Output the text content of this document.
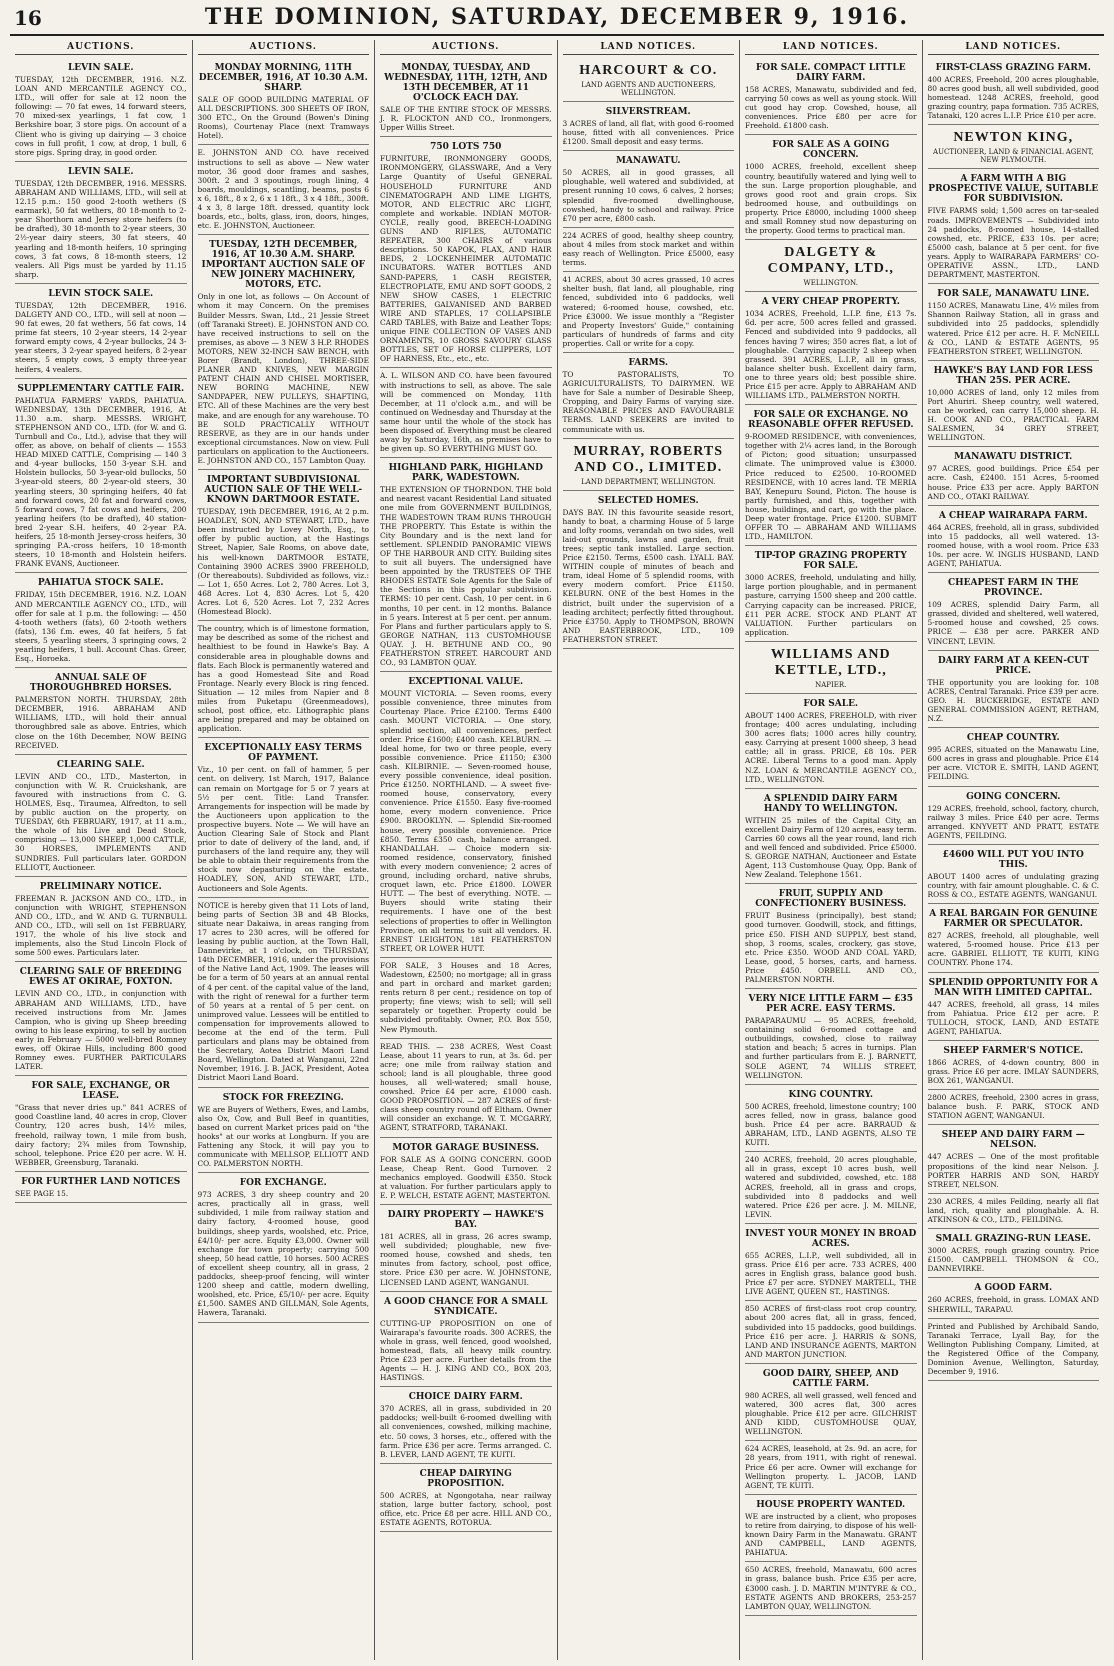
16	THE DOMINION, SATURDAY, DECEMBER 9, 1916.
AUCTIONS.
LEVIN SALE.

TUESDAY, 12th DECEMBER, 1916. N.Z. LOAN AND MERCANTILE AGENCY CO., LTD., will offer for sale at 12 noon the following: — 70 fat ewes, 14 forward steers, 70 mixed-sex yearlings, 1 fat cow, 1 Berkshire boar, 3 store pigs. On account of a Client who is giving up dairying — 3 choice cows in full profit, 1 cow, at drop, 1 bull, 6 store pigs. Spring dray, in good order.

LEVIN SALE.

TUESDAY, 12th DECEMBER, 1916. MESSRS. ABRAHAM AND WILLIAMS, LTD., will sell at 12.15 p.m.: 150 good 2-tooth wethers (S earmark), 50 fat wethers, 80 18-month to 2-year Shorthorn and Jersey store heifers (to be drafted), 30 18-month to 2-year steers, 30 2½-year dairy steers, 30 fat steers, 40 yearling and 18-month heifers, 10 springing cows, 3 fat cows, 8 18-month steers, 12 vealers. All Pigs must be yarded by 11.15 sharp.

LEVIN STOCK SALE.

TUESDAY, 12th DECEMBER, 1916. DALGETY AND CO., LTD., will sell at noon — 90 fat ewes, 20 fat wethers, 56 fat cows, 14 prime fat steers, 10 2-year steers, 14 2-year forward empty cows, 4 2-year bullocks, 24 3-year steers, 3 2-year spayed heifers, 8 2-year steers, 5 empty cows, 3 empty three-year heifers, 4 vealers.

SUPPLEMENTARY CATTLE FAIR.

PAHIATUA FARMERS' YARDS, PAHIATUA. WEDNESDAY, 13th DECEMBER, 1916, At 11.30 a.m. sharp. MESSRS. WRIGHT, STEPHENSON AND CO., LTD. (for W. and G. Turnbull and Co., Ltd.), advise that they will offer, as above, on behalf of clients — 1553 HEAD MIXED CATTLE, Comprising — 140 3 and 4-year bullocks, 150 3-year S.H. and Holstein bullocks, 50 3-year-old bullocks, 50 3-year-old steers, 80 2-year-old steers, 30 yearling steers, 30 springing heifers, 40 fat and forward cows, 20 fat and forward cows, 5 forward cows, 7 fat cows and heifers, 200 yearling heifers (to be drafted), 40 station-bred 2-year S.H. heifers, 40 2-year P.A. heifers, 25 18-month Jersey-cross heifers, 30 springing P.A.-cross heifers, 10 18-month steers, 10 18-month and Holstein heifers. FRANK EVANS, Auctioneer.

PAHIATUA STOCK SALE.

FRIDAY, 15th DECEMBER, 1916. N.Z. LOAN AND MERCANTILE AGENCY CO., LTD., will offer for sale at 1 p.m. the following: — 450 4-tooth wethers (fats), 60 2-tooth wethers (fats), 136 f.m. ewes, 40 fat heifers, 5 fat steers, 5 yearling steers, 3 springing cows, 2 yearling heifers, 1 bull. Account Chas. Greer, Esq., Horoeka.

ANNUAL SALE OF THOROUGHBRED HORSES.

PALMERSTON NORTH. THURSDAY, 28th DECEMBER, 1916. ABRAHAM AND WILLIAMS, LTD., will hold their annual thoroughbred sale as above. Entries, which close on the 16th December, NOW BEING RECEIVED.

CLEARING SALE.

LEVIN AND CO., LTD., Masterton, in conjunction with W. R. Cruickshank, are favoured with instructions from C. G. HOLMES, Esq., Tiraumea, Alfredton, to sell by public auction on the property, on TUESDAY, 6th FEBRUARY, 1917, at 11 a.m., the whole of his Live and Dead Stock, comprising — 13,000 SHEEP, 1,000 CATTLE, 30 HORSES, IMPLEMENTS AND SUNDRIES. Full particulars later. GORDON ELLIOTT, Auctioneer.

PRELIMINARY NOTICE.

FREEMAN R. JACKSON AND CO., LTD., in conjunction with WRIGHT, STEPHENSON AND CO., LTD., and W. AND G. TURNBULL AND CO., LTD., will sell on 1st FEBRUARY, 1917, the whole of his live stock and implements, also the Stud Lincoln Flock of some 500 ewes. Particulars later.

CLEARING SALE OF BREEDING EWES AT OKIRAE, FOXTON.

LEVIN AND CO., LTD., in conjunction with ABRAHAM AND WILLIAMS, LTD., have received instructions from Mr. James Campion, who is giving up Sheep breeding owing to his lease expiring, to sell by auction early in February — 5000 well-bred Romney ewes, off Okirae Hills, including 800 good Romney ewes. FURTHER PARTICULARS LATER.

FOR SALE, EXCHANGE, OR LEASE.

"Grass that never dries up." 841 ACRES of good Coastline land, 40 acres in crop, Clover Country, 120 acres bush, 14½ miles, freehold, railway town, 1 mile from bush, dairy factory; 2¾ miles from Township, school, telephone. Price £20 per acre. W. H. WEBBER, Greensburg, Taranaki.

FOR FURTHER LAND NOTICES

SEE PAGE 15.

AUCTIONS.
MONDAY MORNING, 11TH DECEMBER, 1916, AT 10.30 A.M. SHARP.

SALE OF GOOD BUILDING MATERIAL OF ALL DESCRIPTIONS. 300 SHEETS OF IRON, 300 ETC., On the Ground (Bowen's Dining Rooms), Courtenay Place (next Tramways Hotel).

E. JOHNSTON AND CO. have received instructions to sell as above — New water motor, 36 good door frames and sashes, 300ft. 2 and 3 spoutings, rough lining, 4 boards, mouldings, scantling, beams, posts 6 x 6, 18ft., 8 x 2, 6 x 1 18ft., 3 x 4 18ft., 300ft. 4 x 3, 8 large 18ft. dressed, quantity lock boards, etc., bolts, glass, iron, doors, hinges, etc. E. JOHNSTON, Auctioneer.

TUESDAY, 12TH DECEMBER, 1916, AT 10.30 A.M. SHARP. IMPORTANT AUCTION SALE OF NEW JOINERY MACHINERY, MOTORS, ETC.

Only in one lot, as follows — On Account of whom it may Concern. On the premises Builder Messrs. Swan, Ltd., 21 Jessie Street (off Taranaki Street). E. JOHNSTON AND CO. have received instructions to sell on the premises, as above — 3 NEW 3 H.P. RHODES MOTORS, NEW 32-INCH SAW BENCH, with Borer (Brandt, London), THREE-SIDE PLANER AND KNIVES, NEW MARGIN PATENT CHAIN AND CHISEL MORTISER, NEW BORING MACHINE, NEW SANDPAPER, NEW PULLEYS, SHAFTING, ETC. All of these Machines are the very best make, and are enough for any warehouse. TO BE SOLD PRACTICALLY WITHOUT RESERVE, as they are in our hands under exceptional circumstances. Now on view. Full particulars on application to the Auctioneers. E. JOHNSTON AND CO., 157 Lambton Quay.

IMPORTANT SUBDIVISIONAL AUCTION SALE OF THE WELL-KNOWN DARTMOOR ESTATE.

TUESDAY, 19th DECEMBER, 1916, At 2 p.m. HOADLEY, SON, AND STEWART, LTD., have been instructed by Lovey North, Esq., to offer by public auction, at the Hastings Street, Napier, Sale Rooms, on above date, his well-known DARTMOOR ESTATE, Containing 3900 ACRES 3900 FREEHOLD, (Or thereabouts). Subdivided as follows, viz.: — Lot 1, 650 Acres. Lot 2, 780 Acres. Lot 3, 468 Acres. Lot 4, 830 Acres. Lot 5, 420 Acres. Lot 6, 520 Acres. Lot 7, 232 Acres (Homestead Block).

The country, which is of limestone formation, may be described as some of the richest and healthiest to be found in Hawke's Bay. A considerable area in ploughable downs and flats. Each Block is permanently watered and has a good Homestead Site and Road Frontage. Nearly every Block is ring fenced. Situation — 12 miles from Napier and 8 miles from Puketapu (Greenmeadows), school, post office, etc. Lithographic plans are being prepared and may be obtained on application.

EXCEPTIONALLY EASY TERMS OF PAYMENT.

Viz., 10 per cent. on fall of hammer, 5 per cent. on delivery, 1st March, 1917, Balance can remain on Mortgage for 5 or 7 years at 5½ per cent. Title: Land Transfer. Arrangements for inspection will be made by the Auctioneers upon application to the prospective buyers. Note — We will have an Auction Clearing Sale of Stock and Plant prior to date of delivery of the land, and, if purchasers of the land require any, they will be able to obtain their requirements from the stock now depasturing on the estate. HOADLEY, SON, AND STEWART, LTD., Auctioneers and Sole Agents.

NOTICE is hereby given that 11 Lots of land, being parts of Section 3B and 4B Blocks, situate near Dakaiwa, in areas ranging from 17 acres to 230 acres, will be offered for leasing by public auction, at the Town Hall, Dannevirke, at 1 o'clock, on THURSDAY, 14th DECEMBER, 1916, under the provisions of the Native Land Act, 1909. The leases will be for a term of 50 years at an annual rental of 4 per cent. of the capital value of the land, with the right of renewal for a further term of 50 years at a rental of 5 per cent. on unimproved value. Lessees will be entitled to compensation for improvements allowed to become at the end of the term. Full particulars and plans may be obtained from the Secretary, Aotea District Maori Land Board, Wellington. Dated at Wanganui, 22nd November, 1916. J. B. JACK, President, Aotea District Maori Land Board.

STOCK FOR FREEZING.

WE are Buyers of Wethers, Ewes, and Lambs, also Ox, Cow, and Bull Beef in quantities, based on current Market prices paid on "the hooks" at our works at Longburn. If you are Fattening any Stock, it will pay you to communicate with MELLSOP, ELLIOTT AND CO. PALMERSTON NORTH.

FOR EXCHANGE.

973 ACRES, 3 dry sheep country and 20 acres, practically all in grass, well subdivided, 1 mile from railway station and dairy factory, 4-roomed house, good buildings, sheep yards, woolshed, etc. Price, £4/10/- per acre. Equity £3,000. Owner will exchange for town property; carrying 500 sheep, 50 head cattle, 10 horses. 500 ACRES of excellent sheep country, all in grass, 2 paddocks, sheep-proof fencing, will winter 1200 sheep and cattle, modern dwelling, woolshed, etc. Price, £5/10/- per acre. Equity £1,500. SAMES AND GILLMAN, Sole Agents, Hawera, Taranaki.

AUCTIONS.
MONDAY, TUESDAY, AND WEDNESDAY, 11TH, 12TH, AND 13TH DECEMBER, AT 11 O'CLOCK EACH DAY.

SALE OF THE ENTIRE STOCK OF MESSRS. J. R. FLOCKTON AND CO., Ironmongers, Upper Willis Street.

750 LOTS 750

FURNITURE, IRONMONGERY GOODS, IRONMONGERY, GLASSWARE, And a Very Large Quantity of Useful GENERAL HOUSEHOLD FURNITURE AND CINEMATOGRAPH AND LIME LIGHTS, MOTOR, AND ELECTRIC ARC LIGHT, complete and workable. INDIAN MOTOR-CYCLE, really good, BREECH-LOADING GUNS AND RIFLES, AUTOMATIC REPEATER, 300 CHAIRS of various descriptions. 50 KAPOK, FLAX, AND HAIR BEDS, 2 LOCKENHEIMER AUTOMATIC INCUBATORS. WATER BOTTLES AND SAND-PAPERS, 1 CASH REGISTER, ELECTROPLATE, EMU AND SOFT GOODS, 2 NEW SHOW CASES, 1 ELECTRIC BATTERIES, GALVANISED AND BARBED WIRE AND STAPLES, 17 COLLAPSIBLE CARD TABLES, with Baize and Leather Tops; unique FINE COLLECTION OF VASES AND ORNAMENTS, 10 GROSS SAVOURY GLASS BOTTLES, SET OF HORSE CLIPPERS, LOT OF HARNESS, Etc., etc., etc.

A. L. WILSON AND CO. have been favoured with instructions to sell, as above. The sale will be commenced on Monday, 11th December, at 11 o'clock a.m., and will be continued on Wednesday and Thursday at the same hour until the whole of the stock has been disposed of. Everything must be cleared away by Saturday, 16th, as premises have to be given up. SO EVERYTHING MUST GO.

HIGHLAND PARK, HIGHLAND PARK, WADESTOWN.

THE EXTENSION OF THORNDON. THE bold and nearest vacant Residential Land situated one mile from GOVERNMENT BUILDINGS, THE WADESTOWN TRAM RUNS THROUGH THE PROPERTY. This Estate is within the City Boundary and is the next land for settlement. SPLENDID PANORAMIC VIEWS OF THE HARBOUR AND CITY. Building sites to suit all buyers. The undersigned have been appointed by the TRUSTEES OF THE RHODES ESTATE Sole Agents for the Sale of the Sections in this popular subdivision. TERMS: 10 per cent. Cash, 10 per cent. in 6 months, 10 per cent. in 12 months. Balance in 5 years. Interest at 5 per cent. per annum. For Plans and further particulars apply to S. GEORGE NATHAN, 113 CUSTOMHOUSE QUAY. J. H. BETHUNE AND CO., 90 FEATHERSTON STREET. HARCOURT AND CO., 93 LAMBTON QUAY.

EXCEPTIONAL VALUE.

MOUNT VICTORIA. — Seven rooms, every possible convenience, three minutes from Courtenay Place. Price £2100. Terms £400 cash. MOUNT VICTORIA. — One story, splendid section, all conveniences, perfect order. Price £1600; £400 cash. KELBURN. — Ideal home, for two or three people, every possible convenience. Price £1150; £300 cash. KILBIRNIE. — Seven-roomed house, every possible convenience, ideal position. Price £1250. NORTHLAND. — A sweet five-roomed house, conservatory, every convenience. Price £1550. Easy five-roomed home, every modern convenience. Price £900. BROOKLYN. — Splendid Six-roomed house, every possible convenience. Price £850. Terms £350 cash, balance arranged. KHANDALLAH. — Choice modern six-roomed residence, conservatory, finished with every modern convenience; 2 acres of ground, including orchard, native shrubs, croquet lawn, etc. Price £1800. LOWER HUTT. — The best of everything. NOTE. — Buyers should write stating their requirements. I have one of the best selections of properties to offer in Wellington Province, on all terms to suit all vendors. H. ERNEST LEIGHTON, 181 FEATHERSTON STREET, OR LOWER HUTT.

FOR SALE, 3 Houses and 18 Acres, Wadestown, £2500; no mortgage; all in grass and part in orchard and market garden; rents return 8 per cent.; residence on top of property; fine views; wish to sell; will sell separately or together. Property could be subdivided profitably. Owner, P.O. Box 550, New Plymouth.

READ THIS. — 238 ACRES, West Coast Lease, about 11 years to run, at 3s. 6d. per acre; one mile from railway station and school; land is all ploughable, three good houses, all well-watered; small house, cowshed. Price £4 per acre, £1000 cash. GOOD PROPOSITION. — 287 ACRES of first-class sheep country round off Eltham. Owner will consider an exchange. W. T. MCGARRY, AGENT, STRATFORD, TARANAKI.

MOTOR GARAGE BUSINESS.

FOR SALE AS A GOING CONCERN. GOOD Lease, Cheap Rent. Good Turnover. 2 mechanics employed. Goodwill £350. Stock at valuation. For further particulars apply to E. P. WELCH, ESTATE AGENT, MASTERTON.

DAIRY PROPERTY — HAWKE'S BAY.

181 ACRES, all in grass, 26 acres swamp, well subdivided; ploughable, new five-roomed house, cowshed and sheds, ten minutes from factory, school, post office, store. Price £30 per acre. W. JOHNSTONE, LICENSED LAND AGENT, WANGANUI.

A GOOD CHANCE FOR A SMALL SYNDICATE.

CUTTING-UP PROPOSITION on one of Wairarapa's favourite roads. 300 ACRES, the whole in grass, well fenced, good woolshed, homestead, flats, all heavy milk country. Price £23 per acre. Further details from the Agents — H. J. KING AND CO., BOX 203, HASTINGS.

CHOICE DAIRY FARM.

370 ACRES, all in grass, subdivided in 20 paddocks; well-built 6-roomed dwelling with all conveniences, cowshed, milking machine, etc. 50 cows, 3 horses, etc., offered with the farm. Price £36 per acre. Terms arranged. C. B. LEVER, LAND AGENT, TE KUITI.

CHEAP DAIRYING PROPOSITION.

500 ACRES, at Ngongotaha, near railway station, large butter factory, school, post office, etc. Price £8 per acre. HILL AND CO., ESTATE AGENTS, ROTORUA.

LAND NOTICES.
HARCOURT & CO.
LAND AGENTS AND AUCTIONEERS, WELLINGTON.
SILVERSTREAM.

3 ACRES of land, all flat, with good 6-roomed house, fitted with all conveniences. Price £1200. Small deposit and easy terms.

MANAWATU.

50 ACRES, all in good grasses, all ploughable, well watered and subdivided, at present running 10 cows, 6 calves, 2 horses; splendid five-roomed dwellinghouse, cowshed, handy to school and railway. Price £70 per acre, £800 cash.

224 ACRES of good, healthy sheep country, about 4 miles from stock market and within easy reach of Wellington. Price £5000, easy terms.

41 ACRES, about 30 acres grassed, 10 acres shelter bush, flat land, all ploughable, ring fenced, subdivided into 6 paddocks, well watered; 6-roomed house, cowshed, etc. Price £3000. We issue monthly a "Register and Property Investors' Guide," containing particulars of hundreds of farms and city properties. Call or write for a copy.

FARMS.

TO PASTORALISTS, TO AGRICULTURALISTS, TO DAIRYMEN. WE have for Sale a number of Desirable Sheep, Cropping, and Dairy Farms of varying size. REASONABLE PRICES AND FAVOURABLE TERMS. LAND SEEKERS are invited to communicate with us.

MURRAY, ROBERTS AND CO., LIMITED.
LAND DEPARTMENT, WELLINGTON.
SELECTED HOMES.

DAYS BAY. IN this favourite seaside resort, handy to boat, a charming House of 5 large and lofty rooms, verandah on two sides, well laid-out grounds, lawns and garden, fruit trees; septic tank installed. Large section. Price £2150. Terms, £500 cash. LYALL BAY. WITHIN couple of minutes of beach and tram, ideal Home of 5 splendid rooms, with every modern comfort. Price £1150. KELBURN. ONE of the best Homes in the district, built under the supervision of a leading architect; perfectly fitted throughout. Price £3750. Apply to THOMPSON, BROWN AND EASTERBROOK, LTD., 109 FEATHERSTON STREET.

LAND NOTICES.
FOR SALE. COMPACT LITTLE DAIRY FARM.

158 ACRES, Manawatu, subdivided and fed, carrying 50 cows as well as young stock. Will cut good hay crop. Cowshed, house, all conveniences. Price £80 per acre for Freehold. £1800 cash.

FOR SALE AS A GOING CONCERN.

1000 ACRES, freehold, excellent sheep country, beautifully watered and lying well to the sun. Large proportion ploughable, and grows good root and grain crops. Six bedroomed house, and outbuildings on property. Price £8000, including 1000 sheep and small Romney stud now depasturing on the property. Good terms to practical man.

DALGETY & COMPANY, LTD.,
WELLINGTON.
A VERY CHEAP PROPERTY.

1034 ACRES, Freehold, L.I.P. fine, £13 7s. 6d. per acre, 500 acres felled and grassed. Fenced and subdivided into 9 paddocks, all fences having 7 wires; 350 acres flat, a lot of ploughable. Carrying capacity 2 sheep when grassed. 391 ACRES, L.I.P., all in grass, balance shelter bush. Excellent dairy farm, one to three years old; best possible shire. Price £15 per acre. Apply to ABRAHAM AND WILLIAMS LTD., PALMERSTON NORTH.

FOR SALE OR EXCHANGE. NO REASONABLE OFFER REFUSED.

9-ROOMED RESIDENCE, with conveniences, together with 2¼ acres land, in the Borough of Picton; good situation; unsurpassed climate. The unimproved value is £3000. Price reduced to £2500. 10-ROOMED RESIDENCE, with 10 acres land. TE MERIA BAY, Kenepuru Sound, Picton. The house is partly furnished, and this, together with house, buildings, and cart, go with the place. Deep water frontage. Price £1200. SUBMIT OFFER TO — ABRAHAM AND WILLIAMS LTD., HAMILTON.

TIP-TOP GRAZING PROPERTY FOR SALE.

3000 ACRES, freehold, undulating and hilly, large portion ploughable, and in permanent pasture, carrying 1500 sheep and 200 cattle. Carrying capacity can be increased. PRICE, £11 PER ACRE. STOCK AND PLANT AT VALUATION. Further particulars on application.

WILLIAMS AND KETTLE, LTD.,
NAPIER.
FOR SALE.

ABOUT 1400 ACRES, FREEHOLD, with river frontage; 400 acres undulating, including 300 acres flats; 1000 acres hilly country, easy. Carrying at present 1000 sheep, 3 head cattle; all in grass. PRICE, £8 10s. PER ACRE. Liberal Terms to a good man. Apply N.Z. LOAN & MERCANTILE AGENCY CO., LTD., WELLINGTON.

A SPLENDID DAIRY FARM HANDY TO WELLINGTON.

WITHIN 25 miles of the Capital City, an excellent Dairy Farm of 120 acres, easy term. Carries 60 cows all the year round, land rich and well fenced and subdivided. Price £5000. S. GEORGE NATHAN, Auctioneer and Estate Agent, 113 Customhouse Quay, Opp. Bank of New Zealand. Telephone 1561.

FRUIT, SUPPLY AND CONFECTIONERY BUSINESS.

FRUIT Business (principally), best stand; good turnover. Goodwill, stock, and fittings, price £50. FISH AND SUPPLY, best stand, shop, 3 rooms, scales, crockery, gas stove, etc. Price £350. WOOD AND COAL YARD, Lease, good, 5 horses, carts, and harness. Price £450. ORBELL AND CO., PALMERSTON NORTH.

VERY NICE LITTLE FARM — £35 PER ACRE. EASY TERMS.

PARAPARAUMU — 95 ACRES, freehold, containing solid 6-roomed cottage and outbuildings, cowshed, close to railway station and beach; 5 acres in turnips. Plan and further particulars from E. J. BARNETT, SOLE AGENT, 74 WILLIS STREET, WELLINGTON.

KING COUNTRY.

500 ACRES, freehold, limestone country; 100 acres felled, now in grass, balance good bush. Price £4 per acre. BARRAUD & ABRAHAM, LTD., LAND AGENTS, ALSO TE KUITI.

240 ACRES, freehold, 20 acres ploughable, all in grass, except 10 acres bush, well watered and subdivided, cowshed, etc. 188 ACRES, freehold, all in grass and crops, subdivided into 8 paddocks and well watered. Price £26 per acre. J. M. MILNE, LEVIN.

INVEST YOUR MONEY IN BROAD ACRES.

655 ACRES, L.I.P., well subdivided, all in grass. Price £16 per acre. 733 ACRES, 400 acres in English grass, balance good bush. Price £7 per acre. SYDNEY MARTELL, THE LIVE AGENT, QUEEN ST., HASTINGS.

850 ACRES of first-class root crop country, about 200 acres flat, all in grass, fenced, subdivided into 15 paddocks, good buildings. Price £16 per acre. J. HARRIS & SONS, LAND AND INSURANCE AGENTS, MARTON AND MARTON JUNCTION.

GOOD DAIRY, SHEEP, AND CATTLE FARM.

980 ACRES, all well grassed, well fenced and watered, 300 acres flat, 300 acres ploughable. Price £12 per acre. GILCHRIST AND KIDD, CUSTOMHOUSE QUAY, WELLINGTON.

624 ACRES, leasehold, at 2s. 9d. an acre, for 28 years, from 1911, with right of renewal. Price £6 per acre. Owner will exchange for Wellington property. L. JACOB, LAND AGENT, TE KUITI.

HOUSE PROPERTY WANTED.

WE are instructed by a client, who proposes to retire from dairying, to dispose of his well-known Dairy Farm in the Manawatu. GRANT AND CAMPBELL, LAND AGENTS, PAHIATUA.

650 ACRES, freehold, Manawatu, 600 acres in grass, balance bush. Price £35 per acre, £3000 cash. J. D. MARTIN M'INTYRE & CO., ESTATE AGENTS AND BROKERS, 253-257 LAMBTON QUAY, WELLINGTON.

LAND NOTICES.
FIRST-CLASS GRAZING FARM.

400 ACRES, Freehold, 200 acres ploughable, 80 acres good bush, all well subdivided, good homestead. 1248 ACRES, freehold, good grazing country, papa formation. 735 ACRES, Tatanaki, 120 acres L.I.P. Price £10 per acre.

NEWTON KING,
AUCTIONEER, LAND & FINANCIAL AGENT, NEW PLYMOUTH.
A FARM WITH A BIG PROSPECTIVE VALUE, SUITABLE FOR SUBDIVISION.

FIVE FARMS sold; 1,500 acres on tar-sealed roads. IMPROVEMENTS — Subdivided into 24 paddocks, 8-roomed house, 14-stalled cowshed, etc. PRICE, £33 10s. per acre; £5000 cash, balance at 5 per cent. for five years. Apply to WAIRARAPA FARMERS' CO-OPERATIVE ASSN., LTD., LAND DEPARTMENT, MASTERTON.

FOR SALE, MANAWATU LINE.

1150 ACRES, Manawatu Line, 4½ miles from Shannon Railway Station, all in grass and subdivided into 25 paddocks, splendidly watered. Price £12 per acre. H. F. McNEILL & CO., LAND & ESTATE AGENTS, 95 FEATHERSTON STREET, WELLINGTON.

HAWKE'S BAY LAND FOR LESS THAN 25S. PER ACRE.

10,000 ACRES of land, only 12 miles from Port Ahuriri. Sheep country, well watered, can be worked, can carry 15,000 sheep. H. H. COOK AND CO., PRACTICAL FARM SALESMEN, 34 GREY STREET, WELLINGTON.

MANAWATU DISTRICT.

97 ACRES, good buildings. Price £54 per acre. Cash, £2400. 151 Acres, 5-roomed house. Price £33 per acre. Apply BARTON AND CO., OTAKI RAILWAY.

A CHEAP WAIRARAPA FARM.

464 ACRES, freehold, all in grass, subdivided into 15 paddocks, all well watered. 13-roomed house, with a wool room. Price £33 10s. per acre. W. INGLIS HUSBAND, LAND AGENT, PAHIATUA.

CHEAPEST FARM IN THE PROVINCE.

109 ACRES, splendid Dairy Farm, all grassed, divided and sheltered, well watered, 5-roomed house and cowshed, 25 cows. PRICE — £38 per acre. PARKER AND VINCENT, LEVIN.

DAIRY FARM AT A KEEN-CUT PRICE.

THE opportunity you are looking for. 108 ACRES, Central Taranaki. Price £39 per acre. GEO. H. BUCKERIDGE, ESTATE AND GENERAL COMMISSION AGENT, RETHAM, N.Z.

CHEAP COUNTRY.

995 ACRES, situated on the Manawatu Line, 600 acres in grass and ploughable. Price £14 per acre. VICTOR E. SMITH, LAND AGENT, FEILDING.

GOING CONCERN.

129 ACRES, freehold, school, factory, church, railway 3 miles. Price £40 per acre. Terms arranged. KNYVETT AND PRATT, ESTATE AGENTS, FEILDING.

£4600 WILL PUT YOU INTO THIS.

ABOUT 1400 acres of undulating grazing country, with fair amount ploughable. C. & C. ROSS & CO., ESTATE AGENTS, WANGANUI.

A REAL BARGAIN FOR GENUINE FARMER OR SPECULATOR.

827 ACRES, freehold, all ploughable, well watered, 5-roomed house. Price £13 per acre. GABRIEL ELLIOTT, TE KUITI, KING COUNTRY. Phone 174.

SPLENDID OPPORTUNITY FOR A MAN WITH LIMITED CAPITAL.

447 ACRES, freehold, all grass, 14 miles from Pahiatua. Price £12 per acre. P. TULLOCH, STOCK, LAND, AND ESTATE AGENT, PAHIATUA.

SHEEP FARMER'S NOTICE.

1866 ACRES, of 4-down country, 800 in grass. Price £6 per acre. IMLAY SAUNDERS, BOX 261, WANGANUI.

2800 ACRES, freehold, 2300 acres in grass, balance bush. F. PARK, STOCK AND STATION AGENT, WANGANUI.

SHEEP AND DAIRY FARM — NELSON.

447 ACRES — One of the most profitable propositions of the kind near Nelson. J. PORTER HARRIS AND SON, HARDY STREET, NELSON.

230 ACRES, 4 miles Feilding, nearly all flat land, rich, quality and ploughable. A. H. ATKINSON & CO., LTD., FEILDING.

SMALL GRAZING-RUN LEASE.

3000 ACRES, rough grazing country. Price £1500. CAMPBELL THOMSON & CO., DANNEVIRKE.

A GOOD FARM.

260 ACRES, freehold, in grass. LOMAX AND SHERWILL, TARAPAU.

Printed and Published by Archibald Sando, Taranaki Terrace, Lyall Bay, for the Wellington Publishing Company, Limited, at the Registered Office of the Company, Dominion Avenue, Wellington, Saturday, December 9, 1916.
